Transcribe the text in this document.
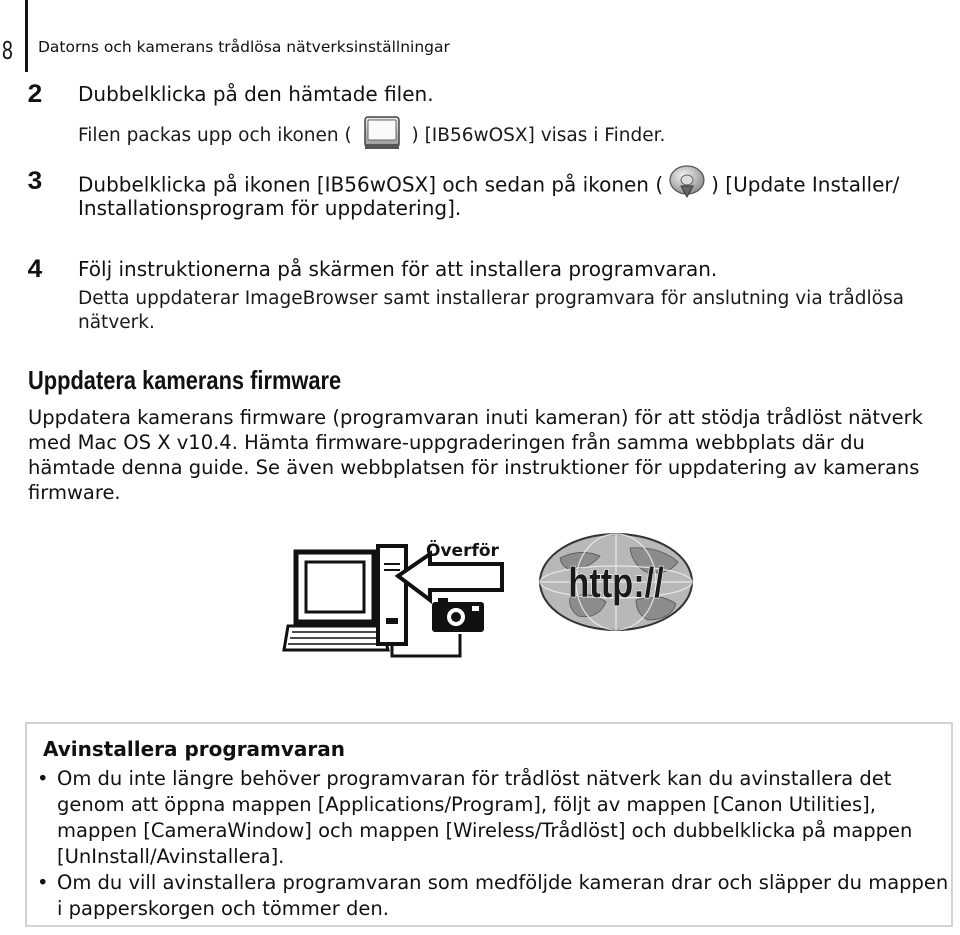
8 Datorns och kamerans trådlösa nätverksinställningar
2 Dubbelklicka på den hämtade filen.
Filen packas upp och ikonen (	) [IB56wOSX] visas i Finder.
3 Dubbelklicka på ikonen [IB56wOSX] och sedan på ikonen ( ) [Update Installer/
Installationsprogram för uppdatering].
4 Följ instruktionerna på skärmen för att installera programvaran.
Detta uppdaterar ImageBrowser samt installerar programvara för anslutning via trådlösa
nätverk.
Uppdatera kamerans firmware
Uppdatera kamerans firmware (programvaran inuti kameran) för att stödja trådlöst nätverk
med Mac OS X v10.4. Hämta firmware-uppgraderingen från samma webbplats där du
hämtade denna guide. Se även webbplatsen för instruktioner för uppdatering av kamerans
firmware.
Överför
http://
Avinstallera programvaran
• Om du inte längre behöver programvaran för trådlöst nätverk kan du avinstallera det
genom att öppna mappen [Applications/Program], följt av mappen [Canon Utilities],
mappen [CameraWindow] och mappen [Wireless/Trådlöst] och dubbelklicka på mappen
[UnInstall/Avinstallera].
• Om du vill avinstallera programvaran som medföljde kameran drar och släpper du mappen
i papperskorgen och tömmer den.
